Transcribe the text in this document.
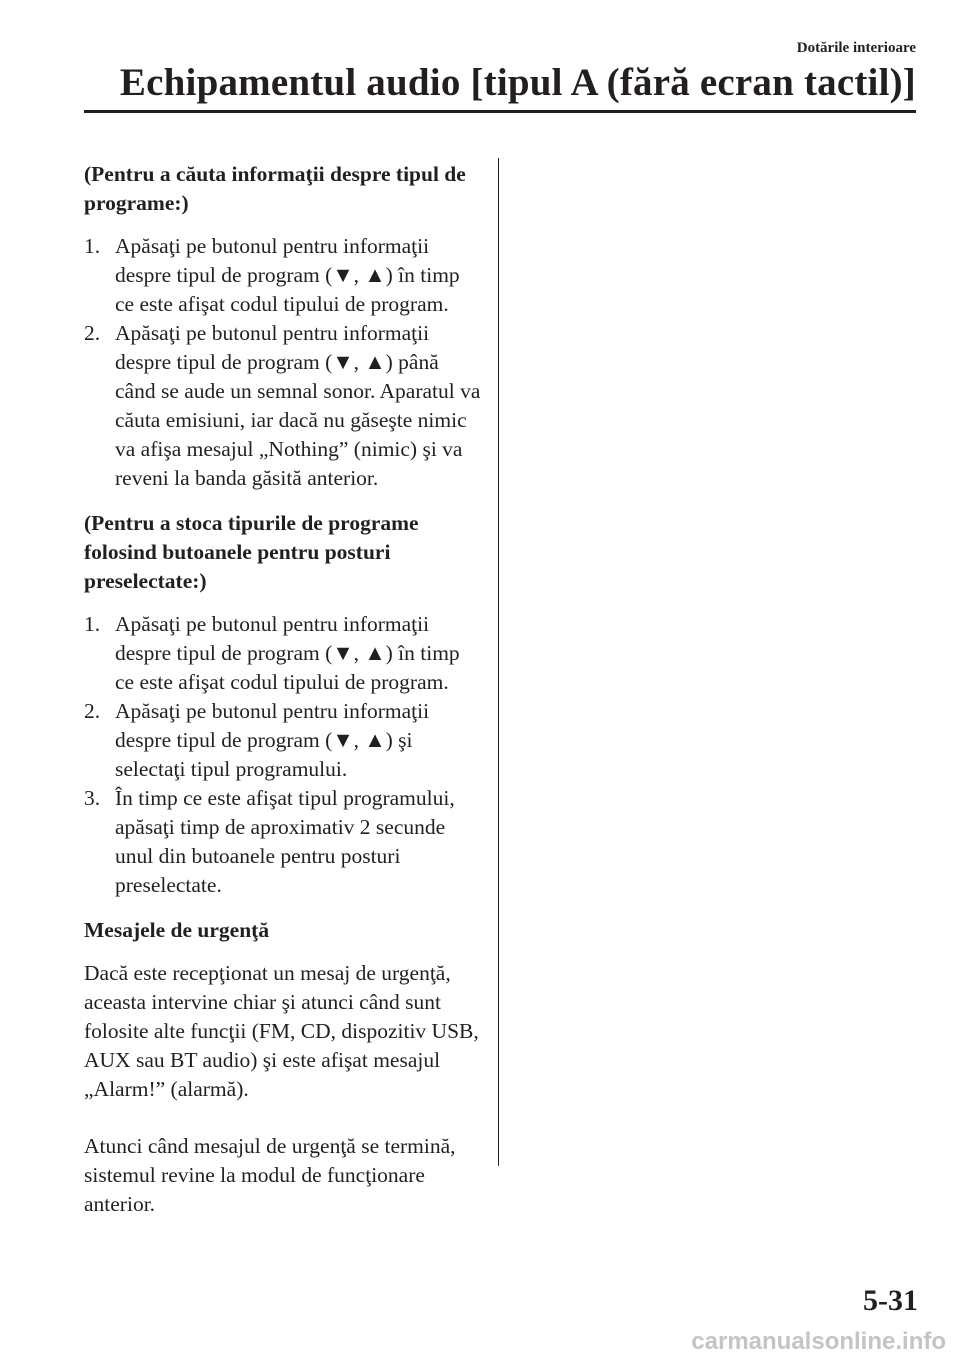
Dotările interioare
Echipamentul audio [tipul A (fără ecran tactil)]
(Pentru a căuta informaţii despre tipul de programe:)
1. Apăsaţi pe butonul pentru informaţii despre tipul de program (▼, ▲) în timp ce este afişat codul tipului de program.
2. Apăsaţi pe butonul pentru informaţii despre tipul de program (▼, ▲) până când se aude un semnal sonor. Aparatul va căuta emisiuni, iar dacă nu găseşte nimic va afişa mesajul „Nothing” (nimic) şi va reveni la banda găsită anterior.
(Pentru a stoca tipurile de programe folosind butoanele pentru posturi preselectate:)
1. Apăsaţi pe butonul pentru informaţii despre tipul de program (▼, ▲) în timp ce este afişat codul tipului de program.
2. Apăsaţi pe butonul pentru informaţii despre tipul de program (▼, ▲) şi selectaţi tipul programului.
3. În timp ce este afişat tipul programului, apăsaţi timp de aproximativ 2 secunde unul din butoanele pentru posturi preselectate.
Mesajele de urgenţă
Dacă este recepţionat un mesaj de urgenţă, aceasta intervine chiar şi atunci când sunt folosite alte funcţii (FM, CD, dispozitiv USB, AUX sau BT audio) şi este afişat mesajul „Alarm!” (alarmă).
Atunci când mesajul de urgenţă se termină, sistemul revine la modul de funcţionare anterior.
5-31
carmanualsonline.info
